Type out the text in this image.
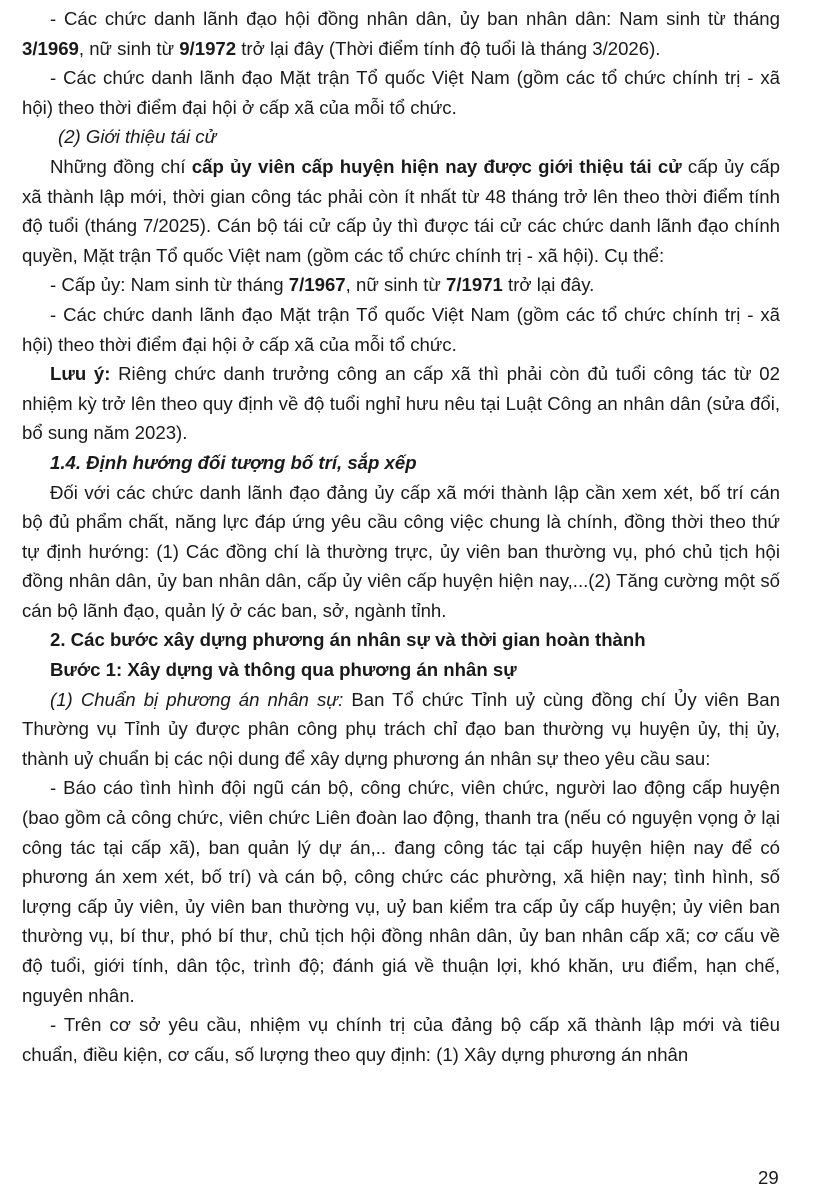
- Các chức danh lãnh đạo hội đồng nhân dân, ủy ban nhân dân: Nam sinh từ tháng 3/1969, nữ sinh từ 9/1972 trở lại đây (Thời điểm tính độ tuổi là tháng 3/2026).

- Các chức danh lãnh đạo Mặt trận Tổ quốc Việt Nam (gồm các tổ chức chính trị - xã hội) theo thời điểm đại hội ở cấp xã của mỗi tổ chức.

(2) Giới thiệu tái cử

Những đồng chí cấp ủy viên cấp huyện hiện nay được giới thiệu tái cử cấp ủy cấp xã thành lập mới, thời gian công tác phải còn ít nhất từ 48 tháng trở lên theo thời điểm tính độ tuổi (tháng 7/2025). Cán bộ tái cử cấp ủy thì được tái cử các chức danh lãnh đạo chính quyền, Mặt trận Tổ quốc Việt nam (gồm các tổ chức chính trị - xã hội). Cụ thể:

- Cấp ủy: Nam sinh từ tháng 7/1967, nữ sinh từ 7/1971 trở lại đây.

- Các chức danh lãnh đạo Mặt trận Tổ quốc Việt Nam (gồm các tổ chức chính trị - xã hội) theo thời điểm đại hội ở cấp xã của mỗi tổ chức.

Lưu ý: Riêng chức danh trưởng công an cấp xã thì phải còn đủ tuổi công tác từ 02 nhiệm kỳ trở lên theo quy định về độ tuổi nghỉ hưu nêu tại Luật Công an nhân dân (sửa đổi, bổ sung năm 2023).

1.4. Định hướng đối tượng bố trí, sắp xếp

Đối với các chức danh lãnh đạo đảng ủy cấp xã mới thành lập cần xem xét, bố trí cán bộ đủ phẩm chất, năng lực đáp ứng yêu cầu công việc chung là chính, đồng thời theo thứ tự định hướng: (1) Các đồng chí là thường trực, ủy viên ban thường vụ, phó chủ tịch hội đồng nhân dân, ủy ban nhân dân, cấp ủy viên cấp huyện hiện nay,...(2) Tăng cường một số cán bộ lãnh đạo, quản lý ở các ban, sở, ngành tỉnh.

2. Các bước xây dựng phương án nhân sự và thời gian hoàn thành

Bước 1: Xây dựng và thông qua phương án nhân sự

(1) Chuẩn bị phương án nhân sự: Ban Tổ chức Tỉnh uỷ cùng đồng chí Ủy viên Ban Thường vụ Tỉnh ủy được phân công phụ trách chỉ đạo ban thường vụ huyện ủy, thị ủy, thành uỷ chuẩn bị các nội dung để xây dựng phương án nhân sự theo yêu cầu sau:

- Báo cáo tình hình đội ngũ cán bộ, công chức, viên chức, người lao động cấp huyện (bao gồm cả công chức, viên chức Liên đoàn lao động, thanh tra (nếu có nguyện vọng ở lại công tác tại cấp xã), ban quản lý dự án,.. đang công tác tại cấp huyện hiện nay để có phương án xem xét, bố trí) và cán bộ, công chức các phường, xã hiện nay; tình hình, số lượng cấp ủy viên, ủy viên ban thường vụ, uỷ ban kiểm tra cấp ủy cấp huyện; ủy viên ban thường vụ, bí thư, phó bí thư, chủ tịch hội đồng nhân dân, ủy ban nhân cấp xã; cơ cấu về độ tuổi, giới tính, dân tộc, trình độ; đánh giá về thuận lợi, khó khăn, ưu điểm, hạn chế, nguyên nhân.

- Trên cơ sở yêu cầu, nhiệm vụ chính trị của đảng bộ cấp xã thành lập mới và tiêu chuẩn, điều kiện, cơ cấu, số lượng theo quy định: (1) Xây dựng phương án nhân

29
